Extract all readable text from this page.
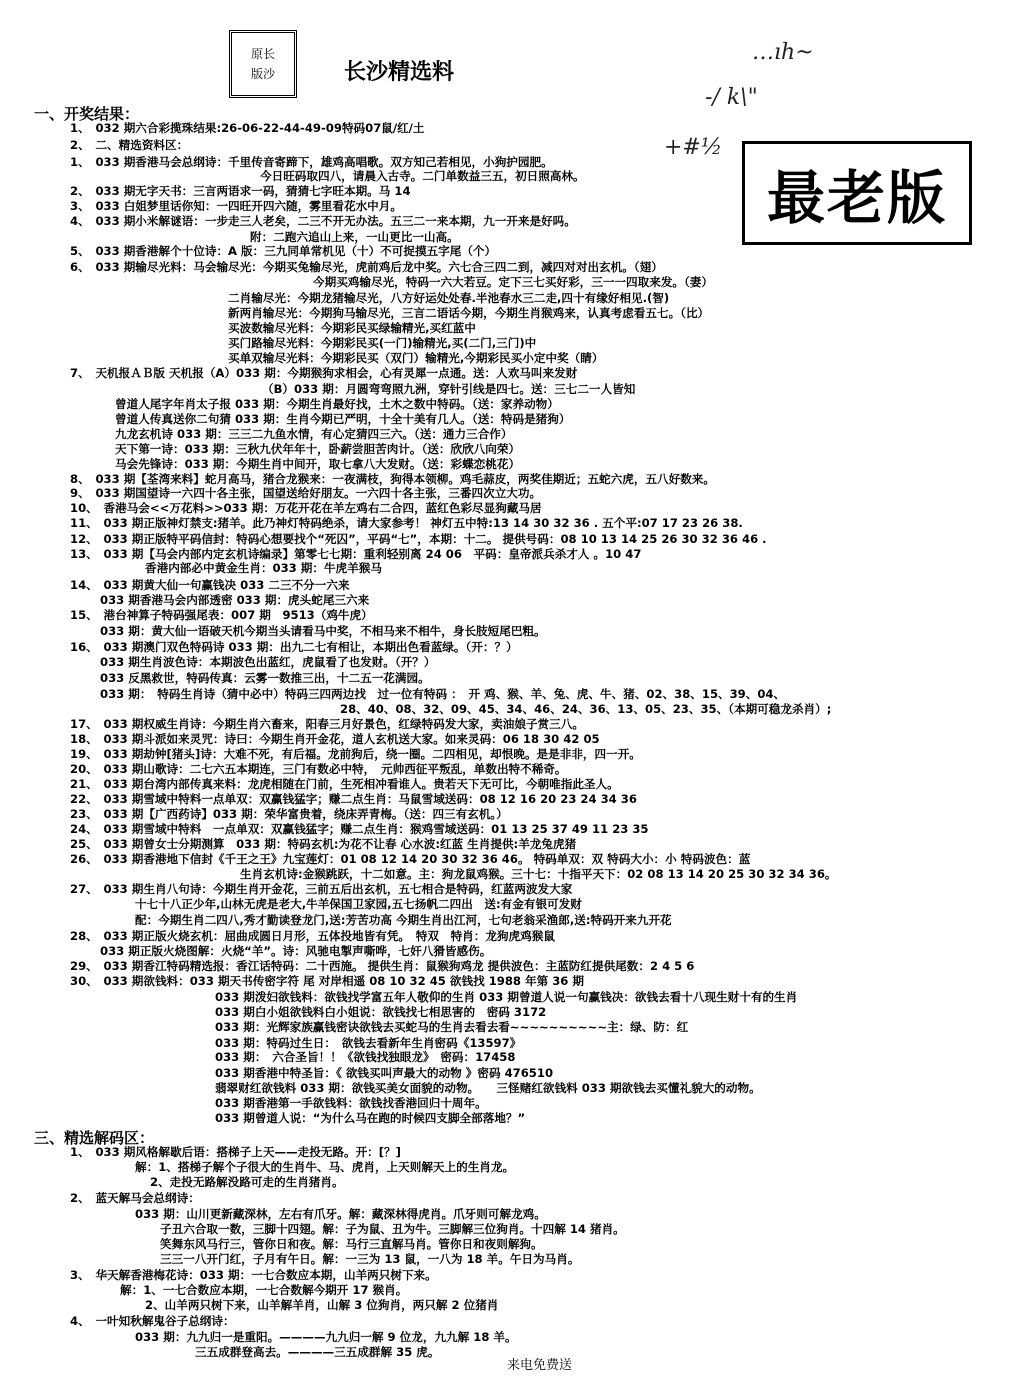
原长
版沙	长沙精选料
…ıh~
-/ k\"
+#½
最老版
一、开奖结果：
三、精选解码区：
1、　032 期六合彩揽珠结果:26-06-22-44-49-09特码07鼠/红/土
2、　二、精选资料区：
1、　033 期香港马会总纲诗：千里传音寄蹄下，雄鸡高唱歌。双方知己若相见，小狗护园肥。
今日旺码取四八，请晨入古寺。二门单数益三五，初日照高林。
2、　033 期无字天书：三言两语求一码，猜猜七字旺本期。马 14
3、　033 白姐梦里话你知：一四旺开四六随，雾里看花水中月。
4、　033 期小米解谜语：一步走三人老矣，二三不开无办法。五三二一来本期，九一开来是好吗。
附：二跑六追山上来，一山更比一山高。
5、　033 期香港解个十位诗：A 版：三九同单常机见（十）不可捉摸五字尾（个）
6、　033 期输尽光料：马会输尽光：今期买兔输尽光，虎前鸡后龙中奖。六七合三四二到，减四对对出玄机。（翅）
今期买鸡输尽光，特码一六大若豆。定下三七买好彩，三一一四取来发。（妻）
二肖输尽光：今期龙猪输尽光，八方好运处处春.半池春水三二走,四十有缘好相见.(智)
新两肖输尽光：今期狗马输尽光，三言二语话今期，今期生肖猴鸡来，认真考虑看五七。（比）
买波数输尽光料：今期彩民买绿输精光,买红蓝中
买门路输尽光料：今期彩民买(一门)输精光,买(二门,三门)中
买单双输尽光料：今期彩民买（双门）输精光,今期彩民买小定中奖（睛）
7、　天机报ＡＢ版 天机报（A）033 期：今期猴狗求相会，心有灵犀一点通。送：人欢马叫来发财
（B）033 期：月圆弯弯照九洲，穿针引线是四七。送：三七二一人皆知
曾道人尾字年肖太子报 033 期：今期生肖最好找，土木之数中特码。（送：家养动物）
曾道人传真送你二句猜 033 期：生肖今期已严明，十全十美有几人。（送：特码是猪狗）
九龙玄机诗 033 期：三三二九鱼水情，有心定猜四三六。（送：通力三合作）
天下第一诗：033 期：三秋九伏年年十，卧薪尝胆苦肉计。（送：欣欣八向荣）
马会先锋诗：033 期：今期生肖中间开，取七拿八大发财。（送：彩蝶恋桃花）
8、　033 期【荃湾来料】蛇月高马，猪合龙猴来：一夜满枝，狗得本领柳。鸡毛蒜皮，两奖佳期近；五蛇六虎，五八好数来。
9、　033 期国望诗一六四十各主张，国望送给好朋友。一六四十各主张，三番四次立大功。
10、　香港马会<<万花料>>033 期：万花开花在羊左鸡右二合四，蓝红色彩尽显狗藏马居
11、　033 期正版神灯禁支:猪羊。此乃神灯特码绝杀，请大家参考！ 神灯五中特:13 14 30 32 36 . 五个平:07 17 23 26 38.
12、　033 期正版特平码信封：特码心想要找个“死囚”，平码“七”，本期：十二。 提供号码：08 10 13 14 25 26 30 32 36 46 .
13、　033 期【马会内部内定玄机诗编录】第零七七期：重利轻别离 24 06　平码：皇帝派兵杀才人 。10 47
香港内部必中黄金生肖：033 期：牛虎羊猴马
14、　033 期黄大仙一句赢钱决 033 二三不分一六来
033 期香港马会内部透密 033 期：虎头蛇尾三六来
15、　港台神算子特码强尾表：007 期　9513（鸡牛虎）
033 期：黄大仙一语破天机今期当头请看马中奖，不相马来不相牛，身长肢短尾巴粗。
16、　033 期澳门双色特码诗 033 期：出九二七有相让，本期出色看蓝绿。（开：？）
033 期生肖波色诗：本期波色出蓝红，虎鼠看了也发财。（开？）
033 反黑救世，特码传真：云雾一数推三出，十二五一花满园。
033 期：　特码生肖诗（猜中必中）特码三四两边找　过一位有特码 ：　开 鸡、猴、羊、兔、虎、牛、猪、02、38、15、39、04、
28、40、08、32、09、45、34、46、24、36、13、05、23、35、（本期可稳龙杀肖）;
17、　033 期权威生肖诗：今期生肖六畜来，阳春三月好景色，红绿特码发大家，卖油娘子赏三八。
18、　033 期斗派如来灵咒：诗曰：今期生肖开金花，道人玄机送大家。如来灵码：06 18 30 42 05
19、　033 期劫钟[猪头]诗：大难不死，有后福。龙前狗后，绕一圈。二四相见，却恨晚。是是非非，四一开。
20、　033 期山歌诗：二七六五本期连，三门有数必中特，　元帅西征平叛乱，单数出特不稀奇。
21、　033 期台湾内部传真来料：龙虎相随在门前，生死相冲看谁人。贵若天下无可比，今朝唯指此圣人。
22、　033 期雪域中特料一点单双：双赢钱猛字；赚二点生肖：马鼠雪域送码：08 12 16 20 23 24 34 36
23、　033 期【广西药诗】033 期：荣华富贵着，绕床弄青梅。（送：四三有玄机。）
24、　033 期雪域中特料　一点单双：双赢钱猛字；赚二点生肖：猴鸡雪域送码：01 13 25 37 49 11 23 35
25、　033 期曾女士分期测算　033 期：特码玄机:为花不让春 心水波:红蓝 生肖提供:羊龙兔虎猪
26、　033 期香港地下信封《千王之王》九宝莲灯：01 08 12 14 20 30 32 36 46。 特码单双：双 特码大小：小 特码波色：蓝
生肖玄机诗:金猴跳跃，十二如意。主：狗龙鼠鸡猴。三十七：十指平天下：02 08 13 14 20 25 30 32 34 36。
27、　033 期生肖八句诗：今期生肖开金花，三前五后出玄机，五七相合是特码，红蓝两波发大家
十七十八正少年,山林无虎是老大,牛羊保国卫家园,五七扬帆二四出　送:有金有银可发财
配：今期生肖二四八,秀才勤读登龙门,送:芳苦功高 今期生肖出江河，七句老翁采渔郎,送:特码开来九开花
28、　033 期正版火烧玄机：屈曲成圆日月形，五体投地皆有凭。　特双　特肖：龙狗虎鸡猴鼠
033 期正版火烧图解：火烧“羊”。诗：风驰电掣声嘶哗，七奸八猾皆感伤。
29、　033 期香江特码精选报：香江话特码：二十西施。 提供生肖：鼠猴狗鸡龙 提供波色：主蓝防红提供尾数：2 4 5 6
30、　033 期欲钱料：033 期天书传密字符 尾 对岸相遥 08 10 32 45 欲钱找 1988 年第 36 期
033 期泼妇欲钱料：欲钱找学富五年人敬仰的生肖 033 期曾道人说一句赢钱决：欲钱去看十八现生财十有的生肖
033 期白小姐欲钱料白小姐说：欲钱找七相思害的　密码 3172
033 期：光辉家族赢钱密诀欲钱去买蛇马的生肖去看去看~~~~~~~~~~主：绿、防：红
033 期：特码过生日：　欲钱去看新年生肖密码《13597》
033 期：　六合圣旨！！《欲钱找独眼龙》　密码：17458
033 期香港中特圣旨：《 欲钱买叫声最大的动物 》密码 476510
翡翠财红欲钱料 033 期：欲钱买美女面貌的动物。　　三怪赌红欲钱料 033 期欲钱去买懂礼貌大的动物。
033 期香港第一手欲钱料：欲钱找香港回归十周年。
033 期曾道人说：“为什么马在跑的时候四支脚全部落地？”
1、　033 期风格解歇后语：搭梯子上天——走投无路。开：[？]
解：1、搭梯子解个子很大的生肖牛、马、虎肖，上天则解天上的生肖龙。
2、走投无路解没路可走的生肖猪肖。
2、　蓝天解马会总纲诗：
033 期：山川更新藏深林，左右有爪牙。解：藏深林得虎肖。爪牙则可解龙鸡。
子丑六合取一数，三脚十四翅。解：子为鼠、丑为牛。三脚解三位狗肖。十四解 14 猪肖。
笑舞东风马行三，管你日和夜。解：马行三直解马肖。管你日和夜则解狗。
三三一八开门红，子月有午日。解：一三为 13 鼠，一八为 18 羊。午日为马肖。
3、　华天解香港梅花诗：033 期：一七合数应本期，山羊两只树下来。
解：1、一七合数应本期，一七合数解今期开 17 猴肖。
2、山羊两只树下来，山羊解羊肖，山解 3 位狗肖，两只解 2 位猪肖
4、　一叶知秋解鬼谷子总纲诗：
033 期：九九归一是重阳。————九九归一解 9 位龙，九九解 18 羊。
三五成群登高去。————三五成群解 35 虎。
来电免费送
